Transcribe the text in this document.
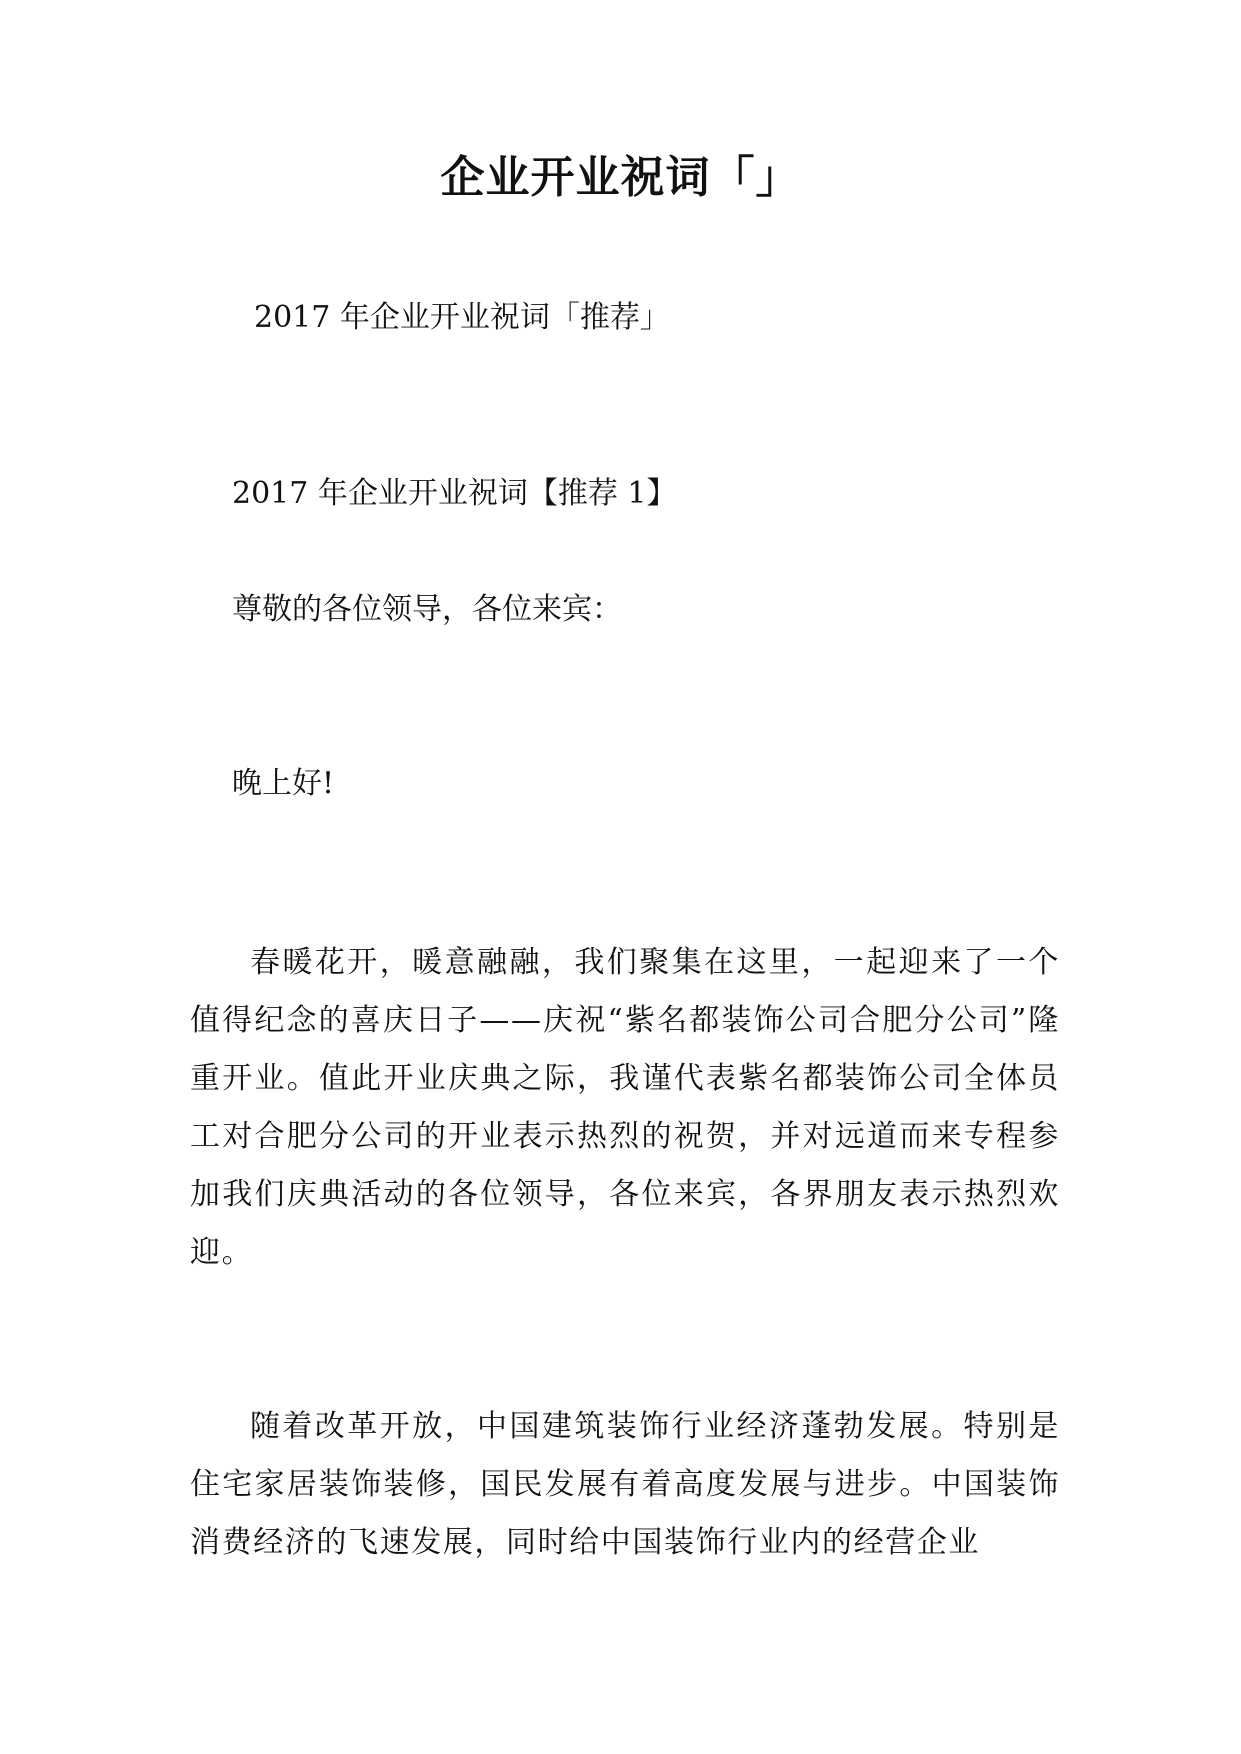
企业开业祝词「」
2017 年企业开业祝词「推荐」
2017 年企业开业祝词【推荐 1】
尊敬的各位领导，各位来宾：
晚上好!
春暖花开，暖意融融，我们聚集在这里，一起迎来了一个值得纪念的喜庆日子——庆祝“紫名都装饰公司合肥分公司”隆重开业。值此开业庆典之际，我谨代表紫名都装饰公司全体员工对合肥分公司的开业表示热烈的祝贺，并对远道而来专程参加我们庆典活动的各位领导，各位来宾，各界朋友表示热烈欢迎。
随着改革开放，中国建筑装饰行业经济蓬勃发展。特别是住宅家居装饰装修，国民发展有着高度发展与进步。中国装饰消费经济的飞速发展，同时给中国装饰行业内的经营企业
